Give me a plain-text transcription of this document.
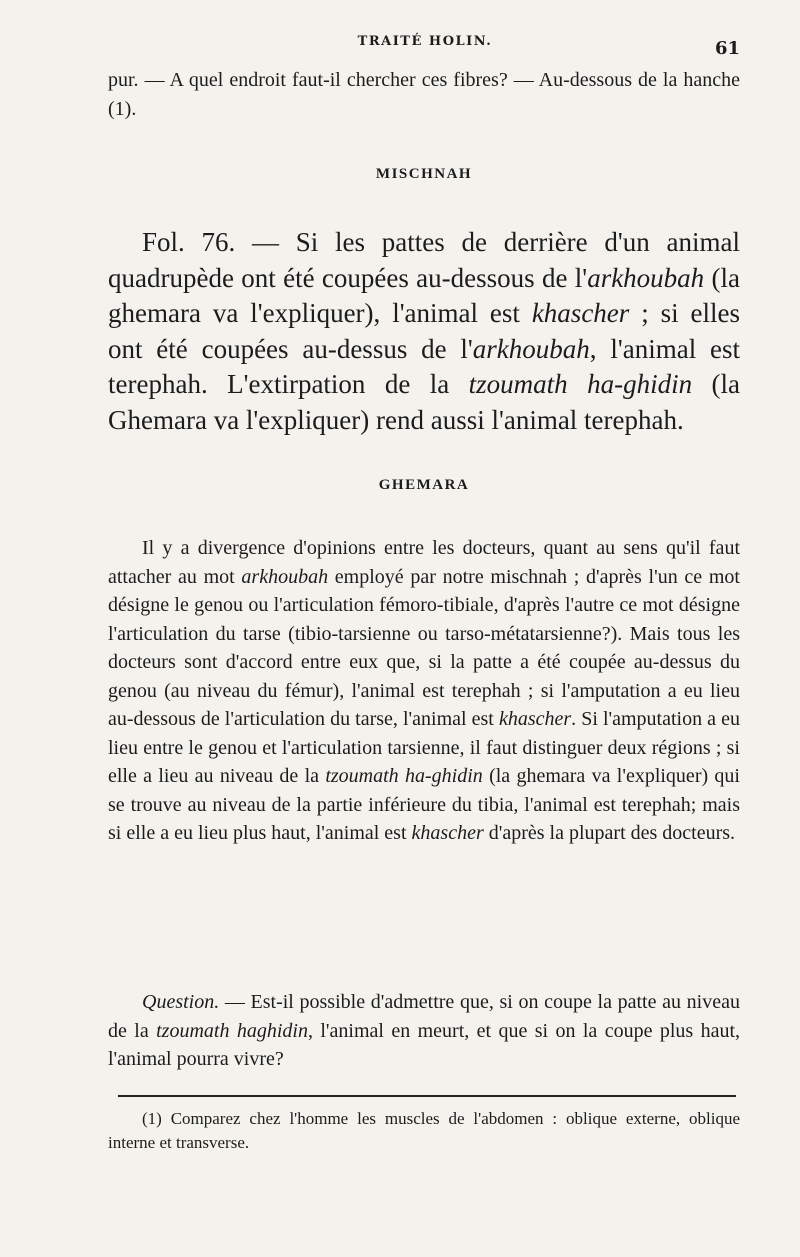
TRAITÉ HOLIN.	61

pur. — A quel endroit faut-il chercher ces fibres? — Au-dessous de la hanche (1).

MISCHNAH

Fol. 76. — Si les pattes de derrière d'un animal quadrupède ont été coupées au-dessous de l'arkhoubah (la ghemara va l'expliquer), l'animal est khascher ; si elles ont été coupées au-dessus de l'arkhoubah, l'animal est terephah. L'extirpation de la tzoumath ha-ghidin (la Ghemara va l'expliquer) rend aussi l'animal terephah.

GHEMARA

Il y a divergence d'opinions entre les docteurs, quant au sens qu'il faut attacher au mot arkhoubah employé par notre mischnah ; d'après l'un ce mot désigne le genou ou l'articulation fémoro-tibiale, d'après l'autre ce mot désigne l'articulation du tarse (tibio-tarsienne ou tarso-métatarsienne?). Mais tous les docteurs sont d'accord entre eux que, si la patte a été coupée au-dessus du genou (au niveau du fémur), l'animal est terephah ; si l'amputation a eu lieu au-dessous de l'articulation du tarse, l'animal est khascher. Si l'amputation a eu lieu entre le genou et l'articulation tarsienne, il faut distinguer deux régions ; si elle a lieu au niveau de la tzoumath ha-ghidin (la ghemara va l'expliquer) qui se trouve au niveau de la partie inférieure du tibia, l'animal est terephah; mais si elle a eu lieu plus haut, l'animal est khascher d'après la plupart des docteurs.

Question. — Est-il possible d'admettre que, si on coupe la patte au niveau de la tzoumath haghidin, l'animal en meurt, et que si on la coupe plus haut, l'animal pourra vivre?

(1) Comparez chez l'homme les muscles de l'abdomen : oblique externe, oblique interne et transverse.
